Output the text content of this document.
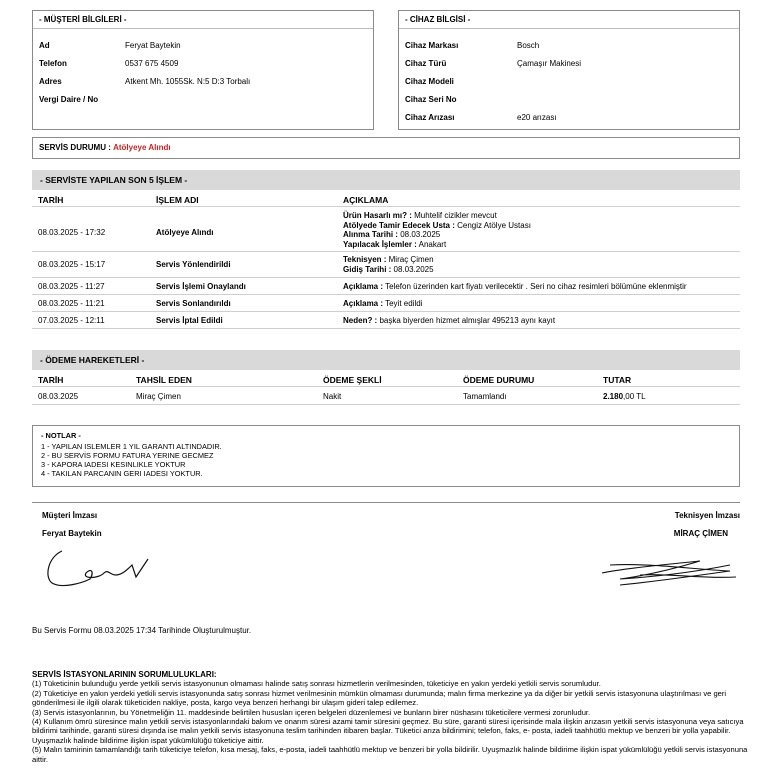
- MÜŞTERİ BİLGİLERİ -
Ad	Feryat Baytekin
Telefon	0537 675 4509
Adres	Atkent Mh. 1055Sk. N:5 D:3 Torbalı
Vergi Daire / No
- CİHAZ BİLGİSİ -
Cihaz Markası	Bosch
Cihaz Türü	Çamaşır Makinesi
Cihaz Modeli
Cihaz Seri No
Cihaz Arızası	e20 arızası
SERVİS DURUMU : Atölyeye Alındı
- SERVİSTE YAPILAN SON 5 İŞLEM -
TARİH	İŞLEM ADI	AÇIKLAMA
08.03.2025 - 17:32	Atölyeye Alındı
Ürün Hasarlı mı? : Muhtelif cizikler mevcut
Atölyede Tamir Edecek Usta : Cengiz Atölye Ustası
Alınma Tarihi : 08.03.2025
Yapılacak İşlemler : Anakart
08.03.2025 - 15:17	Servis Yönlendirildi
Teknisyen : Miraç Çimen
Gidiş Tarihi : 08.03.2025
08.03.2025 - 11:27	Servis İşlemi Onaylandı	Açıklama : Telefon üzerinden kart fiyatı verilecektir . Seri no cihaz resimleri bölümüne eklenmiştir
08.03.2025 - 11:21	Servis Sonlandırıldı	Açıklama : Teyit edildi
07.03.2025 - 12:11	Servis İptal Edildi	Neden? : başka biyerden hizmet almışlar 495213 aynı kayıt
- ÖDEME HAREKETLERİ -
TARİH	TAHSİL EDEN	ÖDEME ŞEKLİ	ÖDEME DURUMU	TUTAR
08.03.2025	Miraç Çimen	Nakit	Tamamlandı	2.180,00 TL
- NOTLAR -
1 - YAPILAN ISLEMLER 1 YIL GARANTI ALTINDADIR.
2 - BU SERVİS FORMU FATURA YERINE GECMEZ
3 - KAPORA IADESI KESINLIKLE YOKTUR
4 - TAKILAN PARCANIN GERI IADESI YOKTUR.
Müşteri İmzası
Feryat Baytekin
Teknisyen İmzası
MİRAÇ ÇİMEN
Bu Servis Formu 08.03.2025 17:34 Tarihinde Oluşturulmuştur.
SERVİS İSTASYONLARININ SORUMLULUKLARI:
(1) Tüketicinin bulunduğu yerde yetkili servis istasyonunun olmaması halinde satış sonrası hizmetlerin verilmesinden, tüketiciye en yakın yerdeki yetkili servis sorumludur.
(2) Tüketiciye en yakın yerdeki yetkili servis istasyonunda satış sonrası hizmet verilmesinin mümkün olmaması durumunda; malın firma merkezine ya da diğer bir yetkili servis istasyonuna ulaştırılması ve geri gönderilmesi ile ilgili olarak tüketiciden nakliye, posta, kargo veya benzeri herhangi bir ulaşım gideri talep edilemez.
(3) Servis istasyonlarının, bu Yönetmeliğin 11. maddesinde belirtilen hususları içeren belgeleri düzenlemesi ve bunların birer nüshasını tüketicilere vermesi zorunludur.
(4) Kullanım ömrü süresince malın yetkili servis istasyonlarındaki bakım ve onarım süresi azami tamir süresini geçmez. Bu süre, garanti süresi içerisinde mala ilişkin arızasın yetkili servis istasyonuna veya satıcıya bildirimi tarihinde, garanti süresi dışında ise malın yetkili servis istasyonuna teslim tarihinden itibaren başlar. Tüketici arıza bildirimini; telefon, faks, e- posta, iadeli taahhütlü mektup ve benzeri bir yolla yapabilir. Uyuşmazlık halinde bildirime ilişkin ispat yükümlülüğü tüketiciye aittir.
(5) Malın tamirinin tamamlandığı tarih tüketiciye telefon, kısa mesaj, faks, e-posta, iadeli taahhütlü mektup ve benzeri bir yolla bildirilir. Uyuşmazlık halinde bildirime ilişkin ispat yükümlülüğü yetkili servis istasyonuna aittir.
